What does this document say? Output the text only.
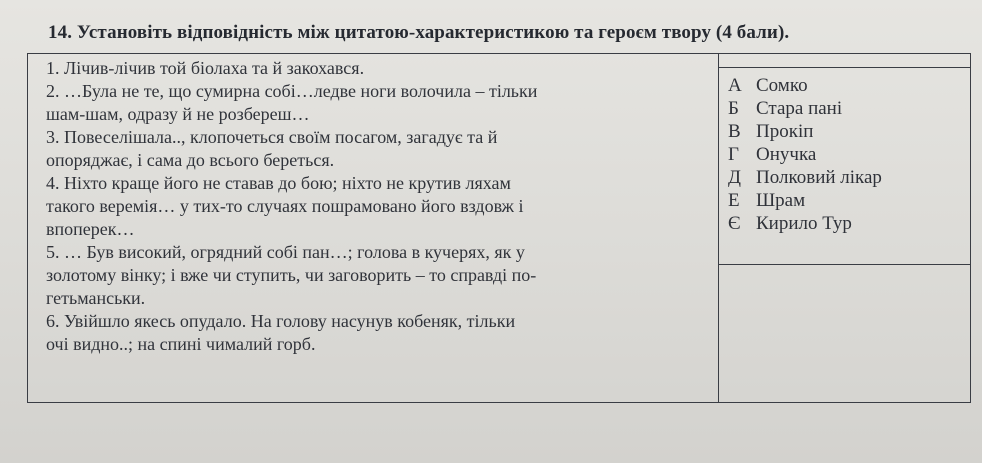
14. Установіть відповідність між цитатою-характеристикою та героєм твору (4 бали).
1. Лічив-лічив той біолаха та й закохався.
2. …Була не те, що сумирна собі…ледве ноги волочила – тільки
шам-шам, одразу й не розбереш…
3. Повеселішала.., клопочеться своїм посагом, загадує та й
опоряджає, і сама до всього береться.
4. Ніхто краще його не ставав до бою; ніхто не крутив ляхам
такого веремія… у тих-то случаях пошрамовано його вздовж і
впоперек…
5. … Був високий, огрядний собі пан…; голова в кучерях, як у
золотому вінку; і вже чи ступить, чи заговорить – то справді по-
гетьманськи.
6. Увійшло якесь опудало. На голову насунув кобеняк, тільки
очі видно..; на спині чималий горб.
А Сомко
Б Стара пані
В Прокіп
Г Онучка
Д Полковий лікар
Е Шрам
Є Кирило Тур
